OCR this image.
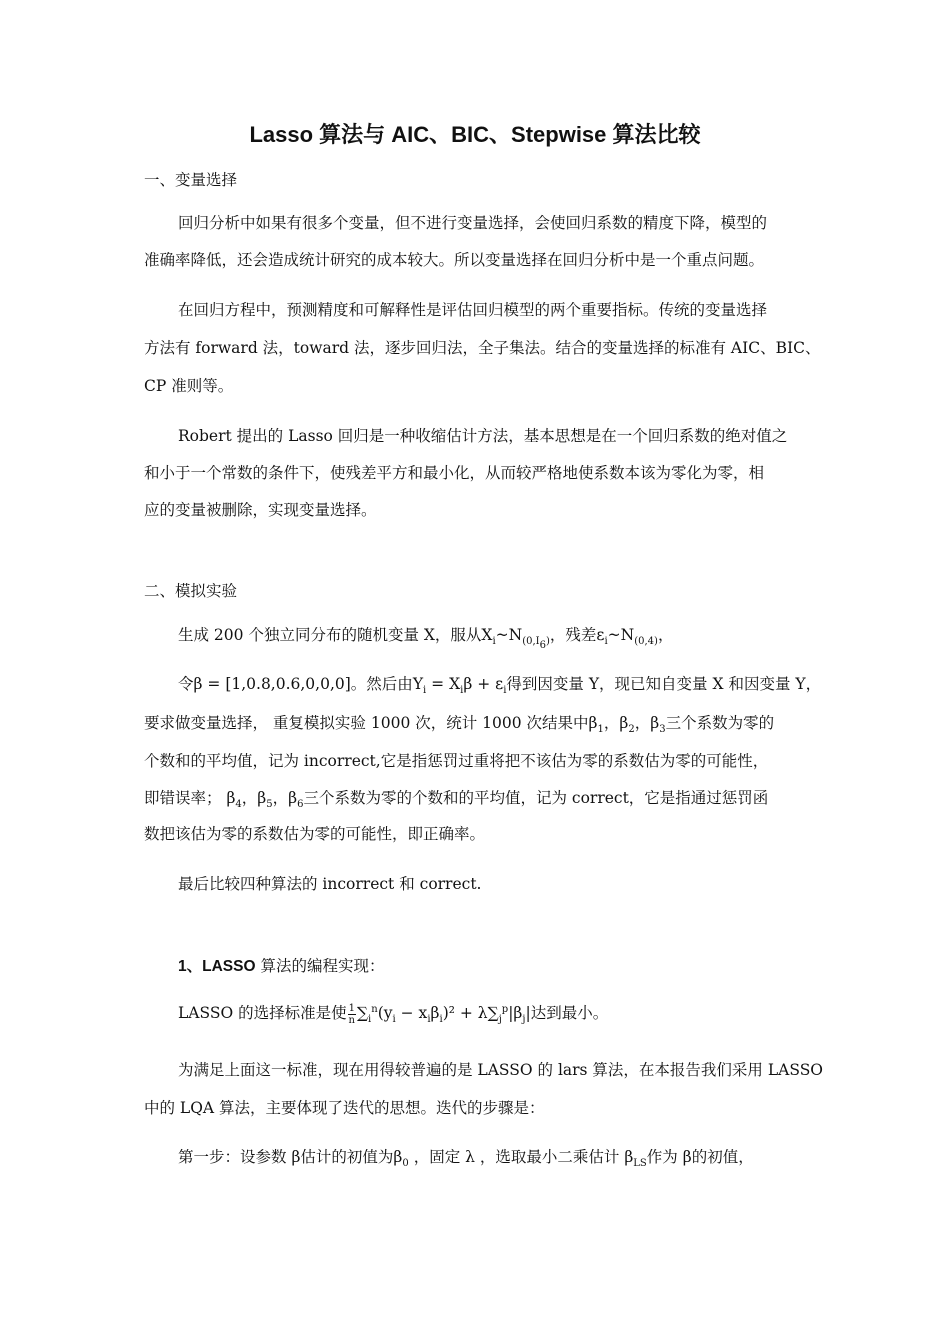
Lasso 算法与 AIC、BIC、Stepwise 算法比较
一、变量选择
回归分析中如果有很多个变量，但不进行变量选择，会使回归系数的精度下降，模型的
准确率降低，还会造成统计研究的成本较大。所以变量选择在回归分析中是一个重点问题。
在回归方程中，预测精度和可解释性是评估回归模型的两个重要指标。传统的变量选择
方法有 forward 法，toward 法，逐步回归法，全子集法。结合的变量选择的标准有 AIC、BIC、
CP 准则等。
Robert 提出的 Lasso 回归是一种收缩估计方法，基本思想是在一个回归系数的绝对值之
和小于一个常数的条件下，使残差平方和最小化，从而较严格地使系数本该为零化为零，相
应的变量被删除，实现变量选择。
二、模拟实验
生成 200 个独立同分布的随机变量 X，服从$X_i\sim N_{(0,I_6)}$，残差$\varepsilon_i\sim N_{(0,4)}$，
令β = [1,0.8,0.6,0,0,0]。然后由$Y_i = X_i\beta + \varepsilon_i$得到因变量 Y，现已知自变量 X 和因变量 Y，
要求做变量选择， 重复模拟实验 1000 次，统计 1000 次结果中$\beta_1$，$\beta_2$，$\beta_3$三个系数为零的
个数和的平均值，记为 incorrect,它是指惩罚过重将把不该估为零的系数估为零的可能性，
即错误率； $\beta_4$，$\beta_5$，$\beta_6$三个系数为零的个数和的平均值，记为 correct，它是指通过惩罚函
数把该估为零的系数估为零的可能性，即正确率。
最后比较四种算法的 incorrect 和 correct.
1、LASSO 算法的编程实现：
LASSO 的选择标准是使 $\frac{1}{n} \sum_i^n(y_i - x_i\beta_i)^2 + \lambda\sum_j^p|\beta_j|$达到最小。
为满足上面这一标准，现在用得较普遍的是 LASSO 的 lars 算法，在本报告我们采用 LASSO
中的 LQA 算法，主要体现了迭代的思想。迭代的步骤是：
第一步：设参数 β估计的初值为$\beta_0$ ，固定 λ ，选取最小二乘估计 $\beta_{LS}$作为 β的初值，
